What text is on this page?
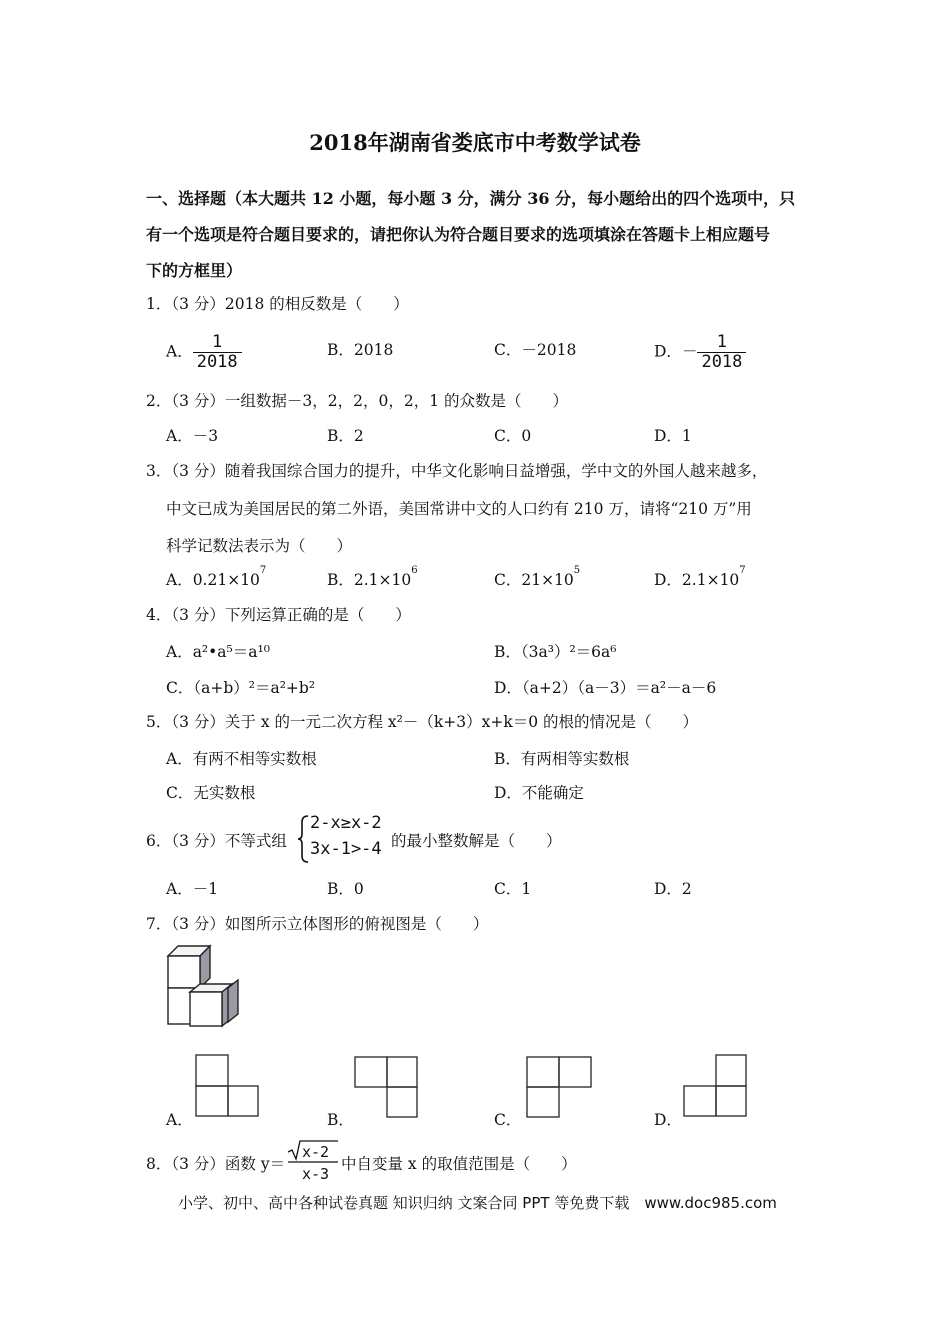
2018年湖南省娄底市中考数学试卷
一、选择题（本大题共 12 小题，每小题 3 分，满分 36 分，每小题给出的四个选项中，只
有一个选项是符合题目要求的，请把你认为符合题目要求的选项填涂在答题卡上相应题号
下的方框里）
1．（3 分）2018 的相反数是（　　）
A． $\frac{1}{2018}$	B．2018	C．－2018	D．－ $\frac{1}{2018}$
2．（3 分）一组数据－3，2，2，0，2，1 的众数是（　　）
A．－3	B．2	C．0	D．1
3．（3 分）随着我国综合国力的提升，中华文化影响日益增强，学中文的外国人越来越多，
中文已成为美国居民的第二外语，美国常讲中文的人口约有 210 万，请将“210 万”用
科学记数法表示为（　　）
A．$0.21\times 10^7$
B．$2.1\times 10^6$
C．$21\times 10^5$
D．$2.1\times 10^7$
4．（3 分）下列运算正确的是（　　）
A．a²•a⁵＝a¹⁰	B．（3a³）²＝6a⁶
C．（a+b）²＝a²+b²	D．（a+2）（a－3）＝a²－a－6
5．（3 分）关于 x 的一元二次方程 x²－（k+3）x+k＝0 的根的情况是（　　）
A．有两不相等实数根	B．有两相等实数根
C．无实数根	D．不能确定
6．（3 分）不等式组
2-x≥x-2
3x-1>-4 的最小整数解是（　　）
A．－1	B．0	C．1	D．2
7．（3 分）如图所示立体图形的俯视图是（　　）
A．	B．	C．	D．
8．（3 分）函数 y＝
x-2
x-3
中自变量 x 的取值范围是（　　）
小学、初中、高中各种试卷真题 知识归纳 文案合同 PPT 等免费下载　www.doc985.com
